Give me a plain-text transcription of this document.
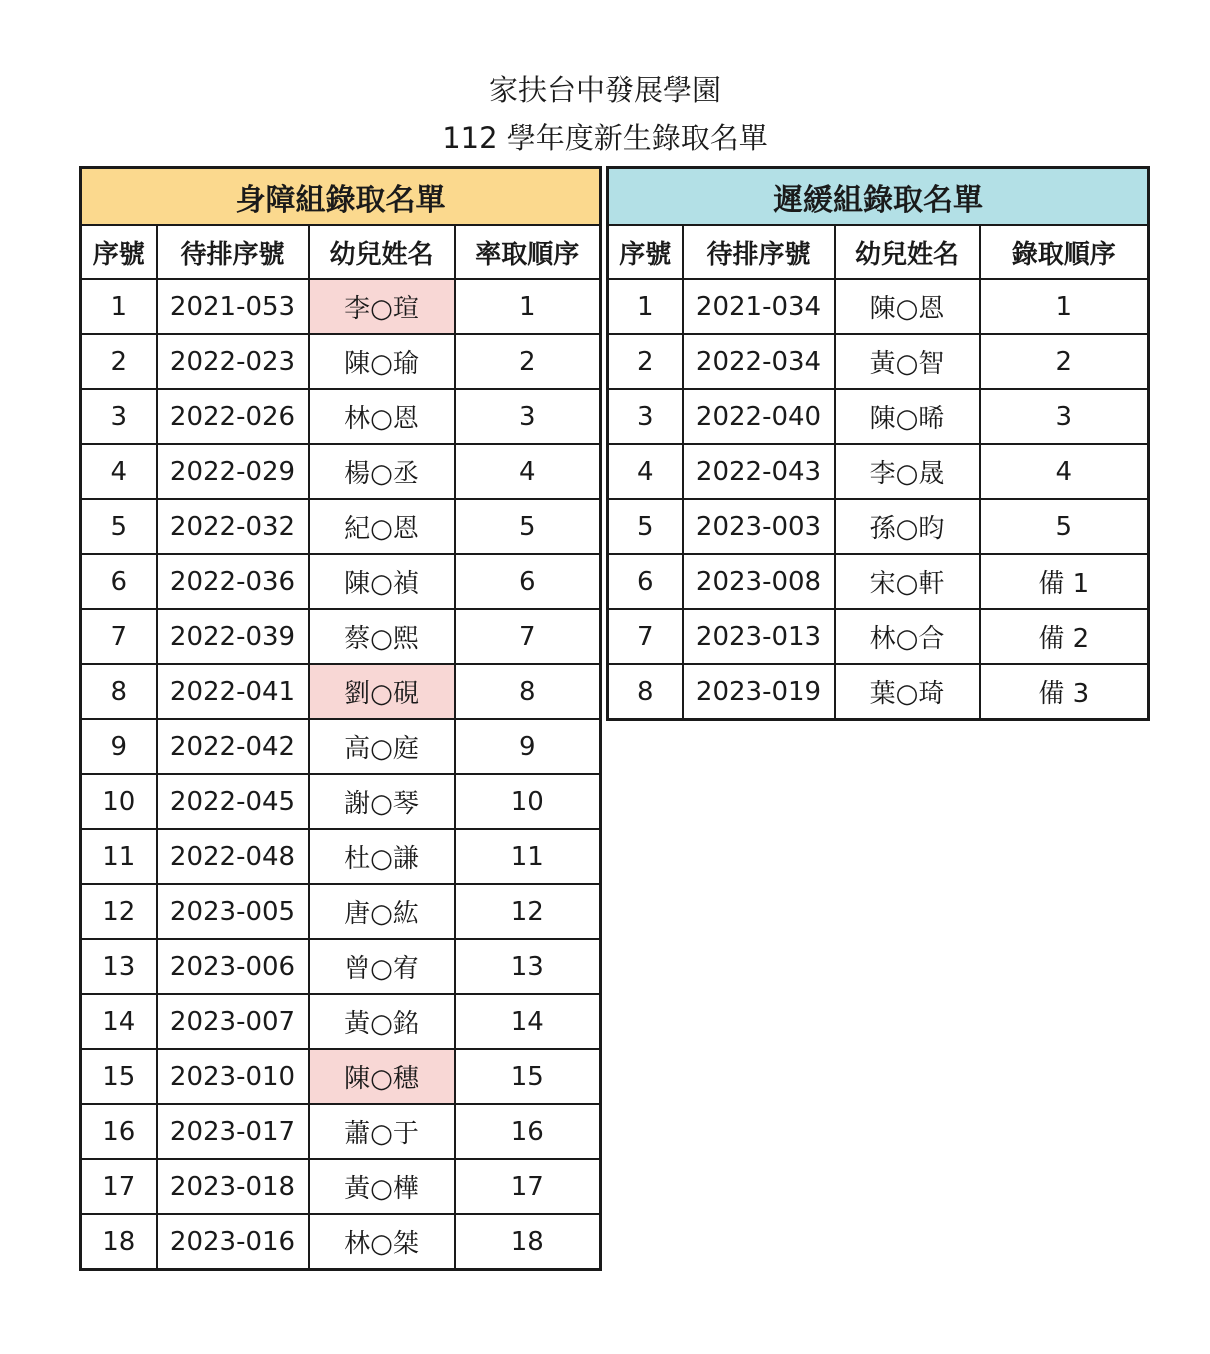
家扶台中發展學園
112 學年度新生錄取名單
身障組錄取名單			
序號	待排序號	幼兒姓名	率取順序
1	2021-053	李○瑄	1
2	2022-023	陳○瑜	2
3	2022-026	林○恩	3
4	2022-029	楊○丞	4
5	2022-032	紀○恩	5
6	2022-036	陳○禎	6
7	2022-039	蔡○熙	7
8	2022-041	劉○硯	8
9	2022-042	高○庭	9
10	2022-045	謝○琴	10
11	2022-048	杜○謙	11
12	2023-005	唐○紘	12
13	2023-006	曾○宥	13
14	2023-007	黃○銘	14
15	2023-010	陳○穗	15
16	2023-017	蕭○于	16
17	2023-018	黃○樺	17
18	2023-016	林○桀	18
遲緩組錄取名單			
序號	待排序號	幼兒姓名	錄取順序
1	2021-034	陳○恩	1
2	2022-034	黃○智	2
3	2022-040	陳○晞	3
4	2022-043	李○晟	4
5	2023-003	孫○昀	5
6	2023-008	宋○軒	備 1
7	2023-013	林○合	備 2
8	2023-019	葉○琦	備 3
